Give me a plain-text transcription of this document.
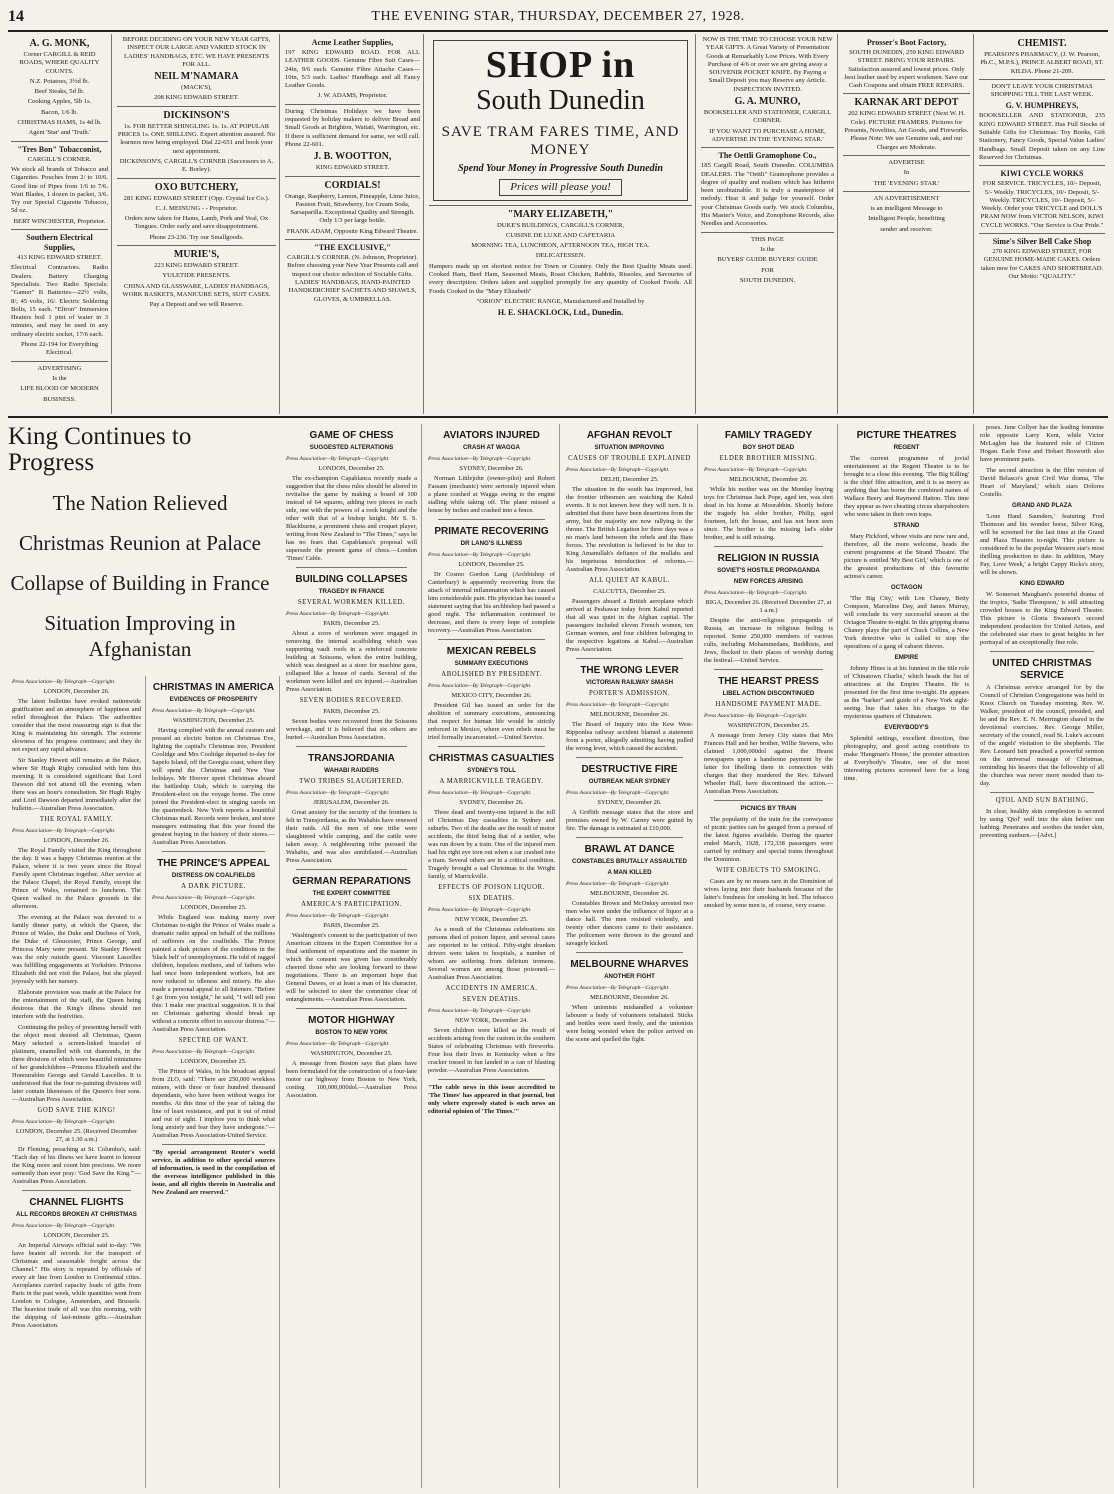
14	THE EVENING STAR, THURSDAY, DECEMBER 27, 1928.
A. G. MONK,

Corner CARGILL & REID ROADS, WHERE QUALITY COUNTS.

N.Z. Potatoes, 3½d lb.

Beef Steaks, 5d lb.

Cooking Apples, 5lb 1s.

Bacon, 1/6 lb.

CHRISTMAS HAMS, 1s 4d lb.

Agent 'Star' and 'Truth.'

"Tres Bon" Tobacconist,

CARGILL'S CORNER.

We stock all brands of Tobacco and Cigarettes. Pouches from 2/ to 10/6. Good line of Pipes from 1/6 to 7/6. Watt Blades, 1 dozen in packet, 3/6. Try our Special Cigarette Tobacco, 5d oz.

BERT WINCHESTER, Proprietor.

Southern Electrical Supplies,

413 KING EDWARD STREET.

Electrical Contractors. Radio Dealers. Battery Charging Specialists. Two Radio Specials: "Gamer" B Batteries—22½ volts, 8/; 45 volts, 16/. Electric Soldering Bolts, 15 each. "Eltron" Immersion Heaters boil 1 pint of water in 3 minutes, and may be used in any ordinary electric socket, 17/6 each.

Phone 22-194 for Everything Electrical.

ADVERTISING

Is the

LIFE BLOOD OF MODERN

BUSINESS.

BEFORE DECIDING ON YOUR NEW YEAR GIFTS, INSPECT OUR LARGE AND VARIED STOCK IN LADIES' HANDBAGS, ETC. WE HAVE PRESENTS FOR ALL.

NEIL M'NAMARA

(MACK'S),

208 KING EDWARD STREET.

DICKINSON'S

1s. FOR BETTER SHINGLING 1s. 1s. AT POPULAR PRICES 1s. ONE SHILLING. Expert attention assured. No learners now being employed. Dial 22-651 and book your next appointment.

DICKINSON'S, CARGILL'S CORNER (Successors to A. E. Borley).

OXO BUTCHERY,

281 KING EDWARD STREET (Opp. Crystal Ice Co.).

C. J. MEINUNG - - Proprietor.

Orders now taken for Hams, Lamb, Pork and Veal, Ox Tongues. Order early and save disappointment.

Phone 23-236. Try our Smallgoods.

MURIE'S,

223 KING EDWARD STREET.

YULETIDE PRESENTS.

CHINA AND GLASSWARE, LADIES' HANDBAGS, WORK BASKETS, MANICURE SETS, SUIT CASES.

Pay a Deposit and we will Reserve.

Acme Leather Supplies,

197 KING EDWARD ROAD. FOR ALL LEATHER GOODS. Genuine Fibre Suit Cases—24in, 9/6 each. Genuine Fibre Attache Cases—10in, 5/3 each. Ladies' Handbags and all Fancy Leather Goods.

J. W. ADAMS, Proprietor.

During Christmas Holidays we have been requested by holiday makers to deliver Bread and Small Goods at Brighton, Waitati, Warrington, etc. If there is sufficient demand for same, we will call. Phone 22-601.

J. B. WOOTTON,

KING EDWARD STREET.

CORDIALS!

Orange, Raspberry, Lemon, Pineapple, Lime Juice, Passion Fruit, Strawberry, Ice Cream Soda, Sarsaparilla. Exceptional Quality and Strength. Only 1/3 per large bottle.

FRANK ADAM, Opposite King Edward Theatre.

"THE EXCLUSIVE,"

CARGILL'S CORNER. (N. Johnson, Proprietor). Before choosing your New Year Presents call and inspect our choice selection of Sociable Gifts. LADIES' HANDBAGS, HAND-PAINTED HANDKERCHIEF SACHETS AND SHAWLS, GLOVES, & UMBRELLAS.

SHOP in
South Dunedin
SAVE TRAM FARES TIME, AND MONEY
Spend Your Money in Progressive South Dunedin
Prices will please you!
"MARY ELIZABETH,"

DUKE'S BUILDINGS, CARGILL'S CORNER,

CUISINE DE LUXE AND CAFETARIA

MORNING TEA, LUNCHEON, AFTERNOON TEA, HIGH TEA.

DELICATESSEN.

Hampers made up on shortest notice for Town or Country. Only the Best Quality Meats used. Cooked Ham, Beef Ham, Seasoned Meats, Roast Chicken, Rabbits, Rissoles, and Savouries of every description. Orders taken and supplied promptly for any quantity of Cooked Foods. All Foods Cooked in the "Mary Elizabeth"

"ORION" ELECTRIC RANGE, Manufactured and Installed by

H. E. SHACKLOCK, Ltd., Dunedin.

NOW IS THE TIME TO CHOOSE YOUR NEW YEAR GIFTS. A Great Variety of Presentation Goods at Remarkably Low Prices. With Every Purchase of 4/6 or over we are giving away a SOUVENIR POCKET KNIFE. By Paying a Small Deposit you may Reserve any Article. INSPECTION INVITED.

G. A. MUNRO,

BOOKSELLER AND STATIONER, CARGILL CORNER.

IF YOU WANT TO PURCHASE A HOME, ADVERTISE IN THE 'EVENING STAR.'

The Oettli Gramophone Co.,

185 Cargill Road, South Dunedin. COLUMBIA DEALERS. The "Oettli" Gramophone provides a degree of quality and realism which has hitherto been unobtainable. It is truly a masterpiece of melody. Hear it and judge for yourself. Order your Christmas Goods early. We stock Columbia, His Master's Voice, and Zonophone Records, also Needles and Accessories.

THIS PAGE

Is the

BUYERS' GUIDE BUYERS' GUIDE

FOR

SOUTH DUNEDIN.

Prosser's Boot Factory,

SOUTH DUNEDIN, 259 KING EDWARD STREET. BRING YOUR REPAIRS. Satisfaction assured and lowest prices. Only best leather used by expert workmen. Save our Cash Coupons and obtain FREE REPAIRS.

KARNAK ART DEPOT

202 KING EDWARD STREET (Next W. H. Cole). PICTURE FRAMERS. Pictures for Presents, Novelties, Art Goods, and Fireworks. Please Note: We use Genuine oak, and our Charges are Moderate.

ADVERTISE

In

THE 'EVENING STAR.'

AN ADVERTISEMENT

is an intelligent Message to

Intelligent People, benefiting

sender and receiver.

CHEMIST.

PEARSON'S PHARMACY, (J. W. Pearson, Ph.C., M.P.S.), PRINCE ALBERT ROAD, ST. KILDA. Phone 21-209.

DON'T LEAVE YOUR CHRISTMAS SHOPPING TILL THE LAST WEEK.

G. V. HUMPHREYS,

BOOKSELLER AND STATIONER, 235 KING EDWARD STREET. Has Full Stocks of Suitable Gifts for Christmas: Toy Books, Gift Stationery, Fancy Goods, Special Value Ladies' Handbags. Small Deposit taken on any Line Reserved for Christmas.

KIWI CYCLE WORKS

FOR SERVICE. TRICYCLES, 10/- Deposit, 5/- Weekly. TRICYCLES, 10/- Deposit, 5/- Weekly. TRICYCLES, 10/- Deposit, 5/- Weekly. Order your TRICYCLE and DOLL'S PRAM NOW from VICTOR NELSON, KIWI CYCLE WORKS. "Our Service is Our Pride."

Sime's Silver Bell Cake Shop

270 KING EDWARD STREET, FOR GENUINE HOME-MADE CAKES. Orders taken now for CAKES AND SHORTBREAD. Our Motto: "QUALITY."

King Continues to Progress
The Nation Relieved
Christmas Reunion at Palace
Collapse of Building in France
Situation Improving in Afghanistan
Press Association—By Telegraph—Copyright.
LONDON, December 26.

The latest bulletins have evoked nationwide gratification and an atmosphere of happiness and relief throughout the Palace. The authorities consider that the most reassuring sign is that the King is maintaining his strength. The extreme slowness of his progress continues; and they do not expect any rapid advance.

Sir Stanley Hewett still remains at the Palace, where Sir Hugh Rigby consulted with him this morning. It is considered significant that Lord Dawson did not attend till the evening, when there was an hour's consultation. Sir Hugh Rigby and Lord Dawson departed immediately after the bulletin.—Australian Press Association.

THE ROYAL FAMILY.
Press Association—By Telegraph—Copyright.
LONDON, December 26.

The Royal Family visited the King throughout the day. It was a happy Christmas reunion at the Palace, where it is two years since the Royal Family spent Christmas together. After service at the Palace Chapel, the Royal Family, except the Prince of Wales, remained to luncheon. The Queen walked in the Palace grounds in the afternoon.

The evening at the Palace was devoted to a family dinner party, at which the Queen, the Prince of Wales, the Duke and Duchess of York, the Duke of Gloucester, Prince George, and Princess Mary were present. Sir Stanley Hewett was the only outside guest. Viscount Lascelles was fulfilling engagements at Yorkshire. Princess Elizabeth did not visit the Palace, but she played joyously with her nursery.

Elaborate provision was made at the Palace for the entertainment of the staff, the Queen being desirous that the King's illness should not interfere with the festivities.

Continuing the policy of presenting herself with the object most desired all Christmas, Queen Mary selected a screen-linked bracelet of platinum, enamelled with cut diamonds, in the three divisions of which were beautiful miniatures of her grandchildren—Princess Elizabeth and the Honourables George and Gerald Lascelles. It is understood that the four re-painting divisions will later contain likenesses of the Queen's four sons.—Australian Press Association.

GOD SAVE THE KING!
Press Association—By Telegraph—Copyright.
LONDON, December 25. (Received December 27, at 1.30 a.m.)

Dr Fleming, preaching at St. Columba's, said: "Each day of his illness we have learnt to honour the King more and count him precious. We more earnestly than ever pray: 'God Save the King.'"—Australian Press Association.

CHANNEL FLIGHTS
ALL RECORDS BROKEN AT CHRISTMAS
Press Association—By Telegraph—Copyright.
LONDON, December 25.

An Imperial Airways official said to-day: "We have beaten all records for the transport of Christmas and seasonable freight across the Channel." His story is repeated by officials of every air line from London to Continental cities. Aeroplanes carried capacity loads of gifts from Paris in the past week, while quantities went from London to Cologne, Amsterdam, and Brussels. The heaviest trade of all was this morning, with the shipping of last-minute gifts.—Australian Press Association.

CHRISTMAS IN AMERICA
EVIDENCES OF PROSPERITY
Press Association—By Telegraph—Copyright.
WASHINGTON, December 25.

Having complied with the annual custom and pressed an electric button on Christmas Eve, lighting the capital's Christmas tree, President Coolidge and Mrs Coolidge departed to-day for Sapelo Island, off the Georgia coast, where they will spend the Christmas and New Year holidays. Mr Hoover spent Christmas aboard the battleship Utah, which is carrying the President-elect on the voyage home. The crew joined the President-elect in singing carols on the quarterdeck. New York reports a bountiful Christmas mail. Records were broken, and store managers estimating that this year found the greatest buying in the history of their stores.—Australian Press Association.

THE PRINCE'S APPEAL
DISTRESS ON COALFIELDS
A DARK PICTURE.
Press Association—By Telegraph—Copyright.
LONDON, December 25.

While England was making merry over Christmas to-night the Prince of Wales made a dramatic radio appeal on behalf of the millions of sufferers on the coalfields. The Prince painted a dark picture of the conditions in the 'black belt' of unemployment. He told of ragged children, hopeless mothers, and of fathers who had once been independent workers, but are now reduced to idleness and misery. He also made a personal appeal to all listeners. "Before I go from you tonight," he said, "I will tell you this: I make one practical suggestion. It is that no Christmas gathering should break up without a concrete effort to succour distress."—Australian Press Association.

SPECTRE OF WANT.
Press Association—By Telegraph—Copyright.
LONDON, December 25.

The Prince of Wales, in his broadcast appeal from 2LO, said: "There are 250,000 workless miners, with three or four hundred thousand dependants, who have been without wages for months. At this time of the year of taking the line of least resistance, and put it out of mind and out of sight. I implore you to think what long anxiety and fear they have undergone."—Australian Press Association-United Service.

"By special arrangement Reuter's world service, in addition to other special sources of information, is used in the compilation of the overseas intelligence published in this issue, and all rights therein in Australia and New Zealand are reserved."

GAME OF CHESS
SUGGESTED ALTERATIONS
Press Association—By Telegraph—Copyright.
LONDON, December 25.

The ex-champion Capablanca recently made a suggestion that the chess rules should be altered to revitalise the game by making a board of 100 instead of 64 squares, adding two pieces to each side, one with the powers of a rook knight and the other with that of a bishop knight. Mr S. S. Blackburne, a prominent chess and croquet player, writing from New Zealand to "The Times," says he has no fears that Capablanca's proposal will supersede the present game of chess.—London 'Times' Cable.

BUILDING COLLAPSES
TRAGEDY IN FRANCE
SEVERAL WORKMEN KILLED.
Press Association—By Telegraph—Copyright.
PARIS, December 25.

About a score of workmen were engaged in removing the internal scaffolding which was supporting vault roofs in a reinforced concrete building at Soissons, when the entire building, which was designed as a store for machine guns, collapsed like a house of cards. Several of the workmen were killed and six injured.—Australian Press Association.

SEVEN BODIES RECOVERED.
PARIS, December 25.

Seven bodies were recovered from the Soissons wreckage, and it is believed that six others are buried.—Australian Press Association.

TRANSJORDANIA
WAHABI RAIDERS
TWO TRIBES SLAUGHTERED.
Press Association—By Telegraph—Copyright.
JERUSALEM, December 26.

Great anxiety for the security of the frontiers is felt in Transjordania, as the Wahabis have renewed their raids. All the men of one tribe were slaughtered while camping, and the cattle were taken away. A neighbouring tribe pursued the Wahabis, and was also annihilated.—Australian Press Association.

GERMAN REPARATIONS
THE EXPERT COMMITTEE
AMERICA'S PARTICIPATION.
Press Association—By Telegraph—Copyright.
PARIS, December 25.

Washington's consent to the participation of two American citizens in the Expert Committee for a final settlement of reparations and the manner in which the consent was given has considerably cheered those who are looking forward to these negotiations. There is an important hope that General Dawes, or at least a man of his character, will be selected to steer the committee clear of entanglements.—Australian Press Association.

MOTOR HIGHWAY
BOSTON TO NEW YORK
Press Association—By Telegraph—Copyright.
WASHINGTON, December 25.

A message from Boston says that plans have been formulated for the construction of a four-lane motor car highway from Boston to New York, costing 100,000,000dol.—Australian Press Association.

AVIATORS INJURED
CRASH AT WAGGA
Press Association—By Telegraph—Copyright.
SYDNEY, December 26.

Norman Littlejohn (owner-pilot) and Robert Fassam (mechanic) were seriously injured when a plane crashed at Wagga owing to the engine stalling while taking off. The plane missed a house by inches and crashed into a fence.

PRIMATE RECOVERING
DR LANG'S ILLNESS
Press Association—By Telegraph—Copyright.
LONDON, December 25.

Dr Cosmo Gordon Lang (Archbishop of Canterbury) is apparently recovering from the attack of internal inflammation which has caused him considerable pain. His physician has issued a statement saying that his archbishop had passed a good night. The inflammation continued to decrease, and there is every hope of complete recovery.—Australian Press Association.

MEXICAN REBELS
SUMMARY EXECUTIONS
ABOLISHED BY PRESIDENT.
Press Association—By Telegraph—Copyright.
MEXICO CITY, December 26.

President Gil has issued an order for the abolition of summary executions, announcing that respect for human life would be strictly enforced in Mexico, where even rebels must be tried formally incarcerated.—United Service.

CHRISTMAS CASUALTIES
SYDNEY'S TOLL
A MARRICKVILLE TRAGEDY.
Press Association—By Telegraph—Copyright.
SYDNEY, December 26.

Three dead and twenty-one injured is the toll of Christmas Day casualties in Sydney and suburbs. Two of the deaths are the result of motor accidents, the third being that of a settler, who was run down by a train. One of the injured men had his right eye torn out when a car crashed into a tram. Several others are in a critical condition. Tragedy brought a sad Christmas to the Wright family, of Marrickville.

EFFECTS OF POISON LIQUOR.
SIX DEATHS.
Press Association—By Telegraph—Copyright.
NEW YORK, December 25.

As a result of the Christmas celebrations six persons died of poison liquor, and several cases are reported to be critical. Fifty-eight drunken drivers were taken to hospitals, a number of whom are suffering from delirium tremens. Several women are among those poisoned.—Australian Press Association.

ACCIDENTS IN AMERICA.
SEVEN DEATHS.
Press Association—By Telegraph—Copyright.
NEW YORK, December 24.

Seven children were killed as the result of accidents arising from the custom in the southern States of celebrating Christmas with fireworks. Four lost their lives in Kentucky when a fire cracker tossed in fun landed in a can of blasting powder.—Australian Press Association.

"The cable news in this issue accredited to 'The Times' has appeared in that journal, but only where expressly stated is such news an editorial opinion of 'The Times.'"

AFGHAN REVOLT
SITUATION IMPROVING
CAUSES OF TROUBLE EXPLAINED
Press Association—By Telegraph—Copyright.
DELHI, December 25.

The situation in the south has improved, but the frontier tribesmen are watching the Kabul events. It is not known how they will turn. It is admitted that there have been desertions from the army, but the majority are now rallying to the throne. The British Legation lor three days was a no man's land between the rebels and the State forces. The revolution is believed to be due to King Amanullah's defiance of the mullahs and his impetuous introduction of reforms.—Australian Press Association.

ALL QUIET AT KABUL.
CALCUTTA, December 25.

Passengers aboard a British aeroplane which arrived at Peshawar today from Kabul reported that all was quiet in the Afghan capital. The passengers included eleven French women, ten German women, and four children belonging to the respective legations at Kabul.—Australian Press Association.

THE WRONG LEVER
VICTORIAN RAILWAY SMASH
PORTER'S ADMISSION.
Press Association—By Telegraph—Copyright.
MELBOURNE, December 26.

The Board of Inquiry into the Kew West-Ripponlea railway accident blamed a statement from a porter, allegedly admitting having pulled the wrong lever, which caused the accident.

DESTRUCTIVE FIRE
OUTBREAK NEAR SYDNEY
Press Association—By Telegraph—Copyright.
SYDNEY, December 26.

A Griffith message states that the store and premises owned by W. Carney were gutted by fire. The damage is estimated at £10,000.

BRAWL AT DANCE
CONSTABLES BRUTALLY ASSAULTED
A MAN KILLED
Press Association—By Telegraph—Copyright.
MELBOURNE, December 26.

Constables Brown and McOnkey arrested two men who were under the influence of liquor at a dance hall. The men resisted violently, and twenty other dancers came to their assistance. The policemen were thrown to the ground and savagely kicked.

MELBOURNE WHARVES
ANOTHER FIGHT
Press Association—By Telegraph—Copyright.
MELBOURNE, December 26.

When unionists mishandled a volunteer labourer a body of volunteers retaliated. Sticks and bottles were used freely, and the unionists were being worsted when the police arrived on the scene and quelled the fight.

FAMILY TRAGEDY
BOY SHOT DEAD
ELDER BROTHER MISSING.
Press Association—By Telegraph—Copyright.
MELBOURNE, December 26.

While his mother was on the Monday buying toys for Christmas Jack Pope, aged ten, was shot dead in his home at Moorabbin. Shortly before the tragedy his elder brother, Philip, aged fourteen, left the house, and has not been seen since. The brother is the missing lad's elder brother, and is still missing.

RELIGION IN RUSSIA
SOVIET'S HOSTILE PROPAGANDA
NEW FORCES ARISING
Press Association—By Telegraph—Copyright.
RIGA, December 26. (Received December 27, at 1 a.m.)

Despite the anti-religious propaganda of Russia, an increase in religious feeling is reported. Some 250,000 members of various cults, including Mohammedans, Buddhists, and Jews, flocked to their places of worship during the festival.—United Service.

THE HEARST PRESS
LIBEL ACTION DISCONTINUED
HANDSOME PAYMENT MADE.
Press Association—By Telegraph—Copyright.
WASHINGTON, December 25.

A message from Jersey City states that Mrs Frances Hall and her brother, Willie Stevens, who claimed 1,000,000dol against the Hearst newspapers upon a handsome payment by the latter for libelling them in connection with charges that they murdered the Rev. Edward Wheeler Hall, have discontinued the action.—Australian Press Association.

PICNICS BY TRAIN

The popularity of the train for the conveyance of picnic parties can be gauged from a perusal of the latest figures available. During the quarter ended March, 1928, 172,338 passengers were carried by ordinary and special trains throughout the Dominion.

WIFE OBJECTS TO SMOKING.

Cases are by no means rare in the Dominion of wives laying into their husbands because of the latter's fondness for smoking in bed. The tobacco smoked by some men is, of course, very coarse.

PICTURE THEATRES
REGENT

The current programme of jovial entertainment at the Regent Theatre is to be brought to a close this evening. 'The Big Killing' is the chief film attraction, and it is as merry as anything that has borne the combined names of Wallace Beery and Raymond Hatton. This time they appear as two cheating circus sharpshooters who were taken in their own traps.

STRAND

Mary Pickford, whose visits are now rare and, therefore, all the more welcome, heads the current programme at the Strand Theatre. The picture is entitled 'My Best Girl,' which is one of the greatest productions of this favourite actress's career.

OCTAGON

'The Big City,' with Lon Chaney, Betty Compson, Marceline Day, and James Murray, will conclude its very successful season at the Octagon Theatre to-night. In this gripping drama Chaney plays the part of Chuck Collins, a New York detective who is called to stop the operations of a gang of cabaret thieves.

EMPIRE

Johnny Hines is at his funniest in the title role of 'Chinatown Charlie,' which heads the list of attractions at the Empire Theatre. He is presented for the first time to-night. He appears as the "barker" and guide of a New York sight-seeing bus that takes his charges to the mysterious quarters of Chinatown.

EVERYBODY'S

Splendid settings, excellent direction, fine photography, and good acting contribute to make 'Hangman's House,' the premier attraction at Everybody's Theatre, one of the most interesting pictures screened here for a long time.

poses. June Collyer has the leading feminine role opposite Larry Kent, while Victor McLaglen has the featured role of Citizen Hogan. Earle Foxe and Hobart Bosworth also have prominent parts.

The second attraction is the film version of David Belasco's great Civil War drama, 'The Heart of Maryland,' which stars Dolores Costello.

GRAND AND PLAZA

'Lone Hand Saunders,' featuring Fred Thomson and his wonder horse, Silver King, will be screened for the last time at the Grand and Plaza Theatres to-night. This picture is considered to be the popular Western star's most thrilling production to date. In addition, 'Mary Pay, Love Week,' a bright Cappy Ricks's story, will be shown.

KING EDWARD

W. Somerset Maugham's powerful drama of the tropics, 'Sadie Thompson,' is still attracting crowded houses to the King Edward Theatre. This picture is Gloria Swanson's second independent production for United Artists, and the celebrated star rises to great heights in her portrayal of an exceptionally fine role.

UNITED CHRISTMAS SERVICE

A Christmas service arranged for by the Council of Christian Congregations was held in Knox Church on Tuesday morning. Rev. W. Walker, president of the council, presided, and he and the Rev. E. N. Merrington shared in the devotional exercises. Rev. George Miller, secretary of the council, read St. Luke's account of the angels' visitation to the shepherds. The Rev. Leonard Isitt preached a powerful sermon on the universal message of Christmas, reminding his hearers that the fellowship of all the churches was never more needed than to-day.

QTOL AND SUN BATHING.

In clear, healthy skin complexion is secured by using 'Qtol' well into the skin before sun bathing. Penetrates and soothes the tender skin, preventing sunburn.—[Advt.]
